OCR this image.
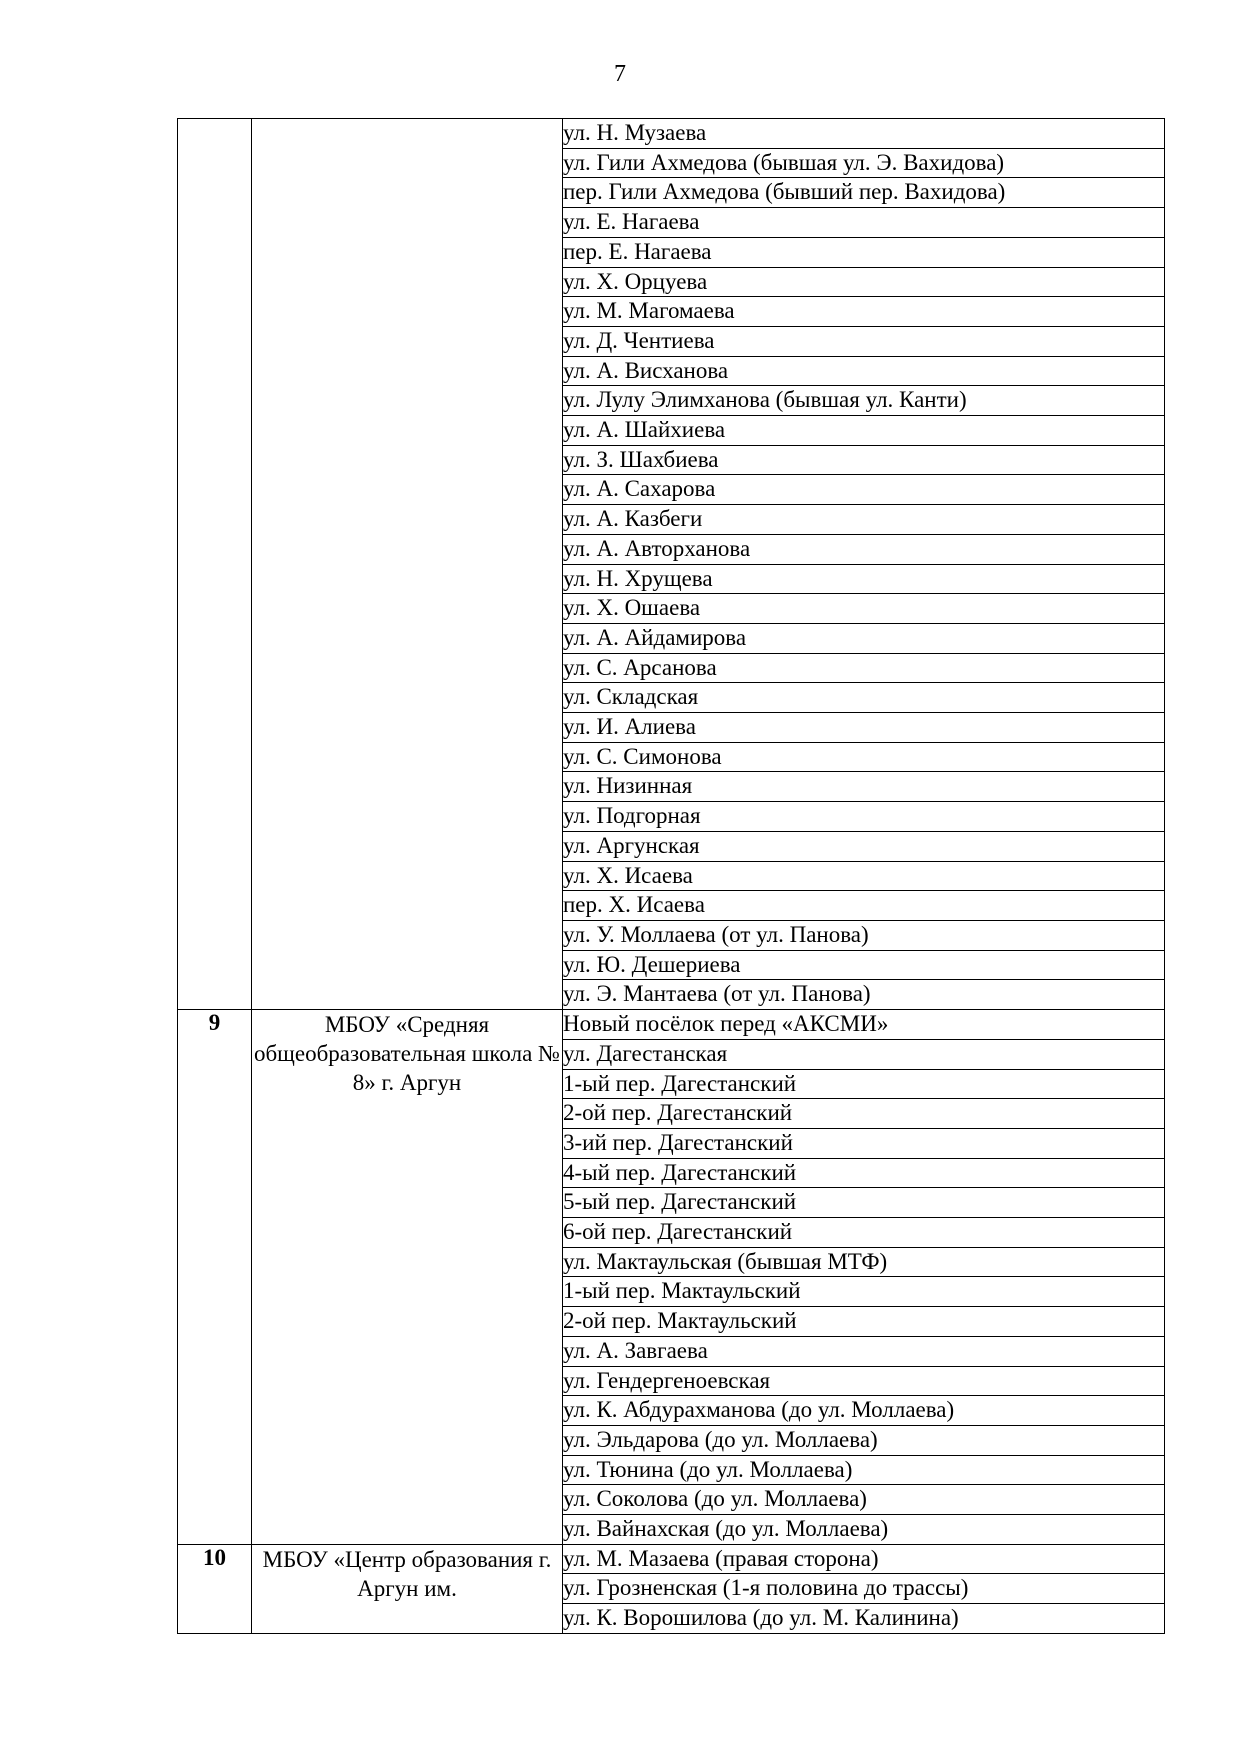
7
		ул. Н. Музаева
		ул. Гили Ахмедова (бывшая ул. Э. Вахидова)
		пер. Гили Ахмедова (бывший пер. Вахидова)
		ул. Е. Нагаева
		пер. Е. Нагаева
		ул. Х. Орцуева
		ул. М. Магомаева
		ул. Д. Чентиева
		ул. А. Висханова
		ул. Лулу Элимханова (бывшая ул. Канти)
		ул. А. Шайхиева
		ул. З. Шахбиева
		ул. А. Сахарова
		ул. А. Казбеги
		ул. А. Авторханова
		ул. Н. Хрущева
		ул. Х. Ошаева
		ул. А. Айдамирова
		ул. С. Арсанова
		ул. Складская
		ул. И. Алиева
		ул. С. Симонова
		ул. Низинная
		ул. Подгорная
		ул. Аргунская
		ул. Х. Исаева
		пер. Х. Исаева
		ул. У. Моллаева (от ул. Панова)
		ул. Ю. Дешериева
		ул. Э. Мантаева (от ул. Панова)
9	МБОУ «Средняя общеобразовательная школа № 8» г. Аргун	Новый посёлок перед «АКСМИ»
		ул. Дагестанская
		1-ый пер. Дагестанский
		2-ой пер. Дагестанский
		3-ий пер. Дагестанский
		4-ый пер. Дагестанский
		5-ый пер. Дагестанский
		6-ой пер. Дагестанский
		ул. Мактаульская (бывшая МТФ)
		1-ый пер. Мактаульский
		2-ой пер. Мактаульский
		ул. А. Завгаева
		ул. Гендергеноевская
		ул. К. Абдурахманова (до ул. Моллаева)
		ул. Эльдарова (до ул. Моллаева)
		ул. Тюнина (до ул. Моллаева)
		ул. Соколова (до ул. Моллаева)
		ул. Вайнахская (до ул. Моллаева)
10	МБОУ «Центр образования г. Аргун им.	ул. М. Мазаева (правая сторона)
		ул. Грозненская (1-я половина до трассы)
		ул. К. Ворошилова (до ул. М. Калинина)
